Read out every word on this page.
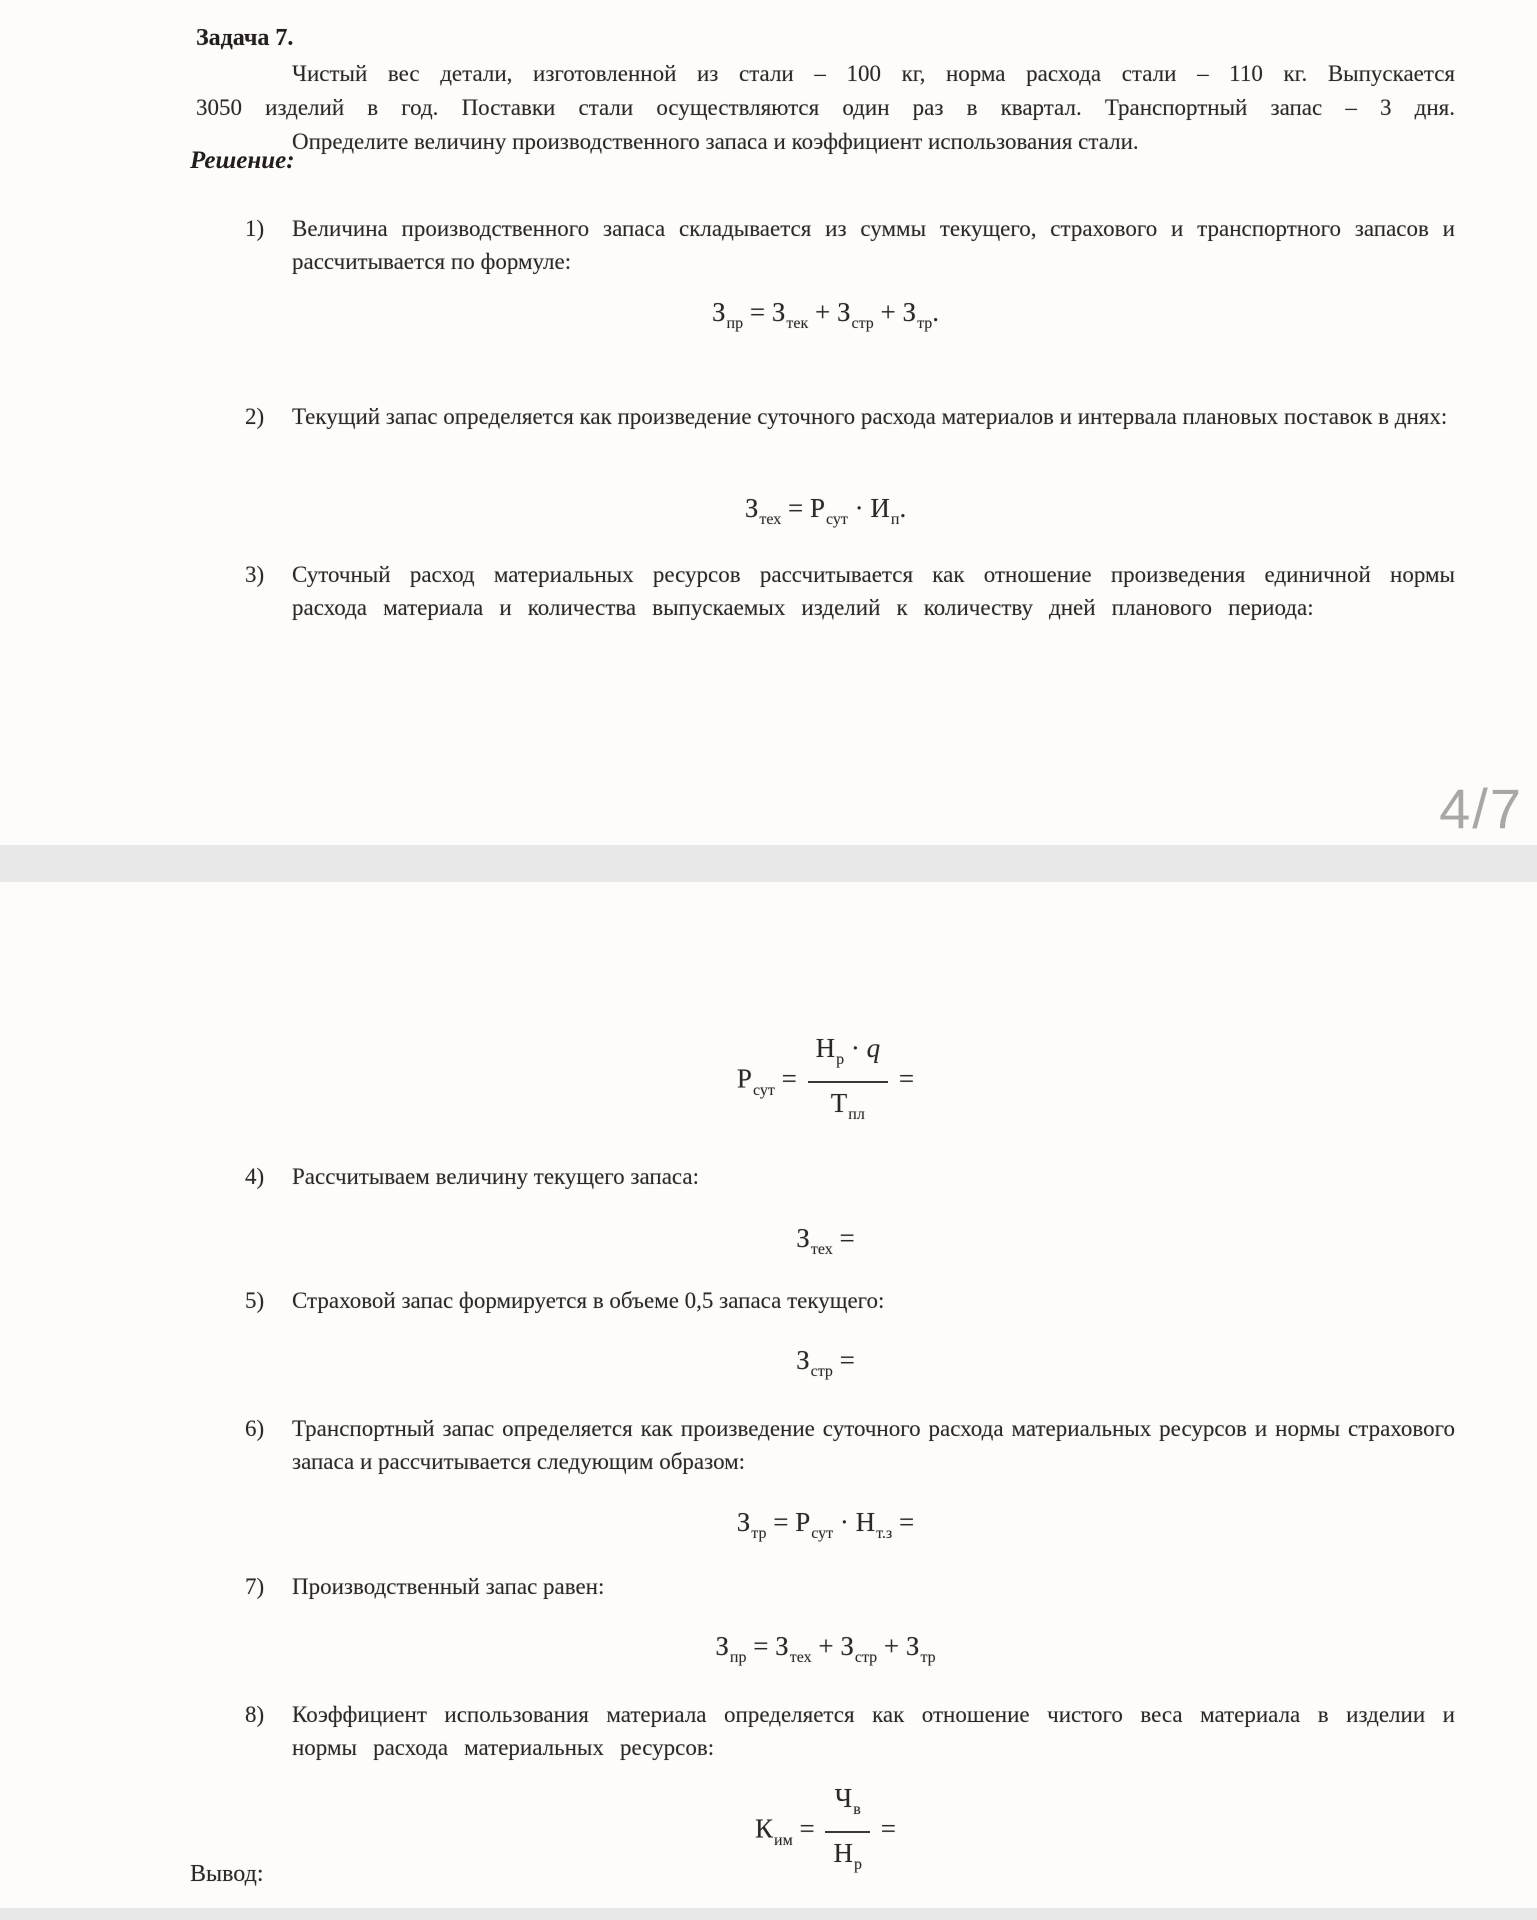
Задача 7.
Чистый вес детали, изготовленной из стали – 100 кг, норма расхода стали – 110 кг. Выпускается
3050 изделий в год. Поставки стали осуществляются один раз в квартал. Транспортный запас – 3 дня.
Определите величину производственного запаса и коэффициент использования стали.
Решение:
1)	Величина производственного запаса складывается из суммы текущего, страхового и транспортного запасов и рассчитывается по формуле:
$З_{пр} = З_{тек} + З_{стр} + З_{тр}$.
2)	Текущий запас определяется как произведение суточного расхода материалов и интервала плановых поставок в днях:
$З_{тех} = Р_{сут} \cdot И_п$.
3)	Суточный расход материальных ресурсов рассчитывается как отношение произведения единичной нормы расхода материала и количества выпускаемых изделий к количеству дней планового периода:
4/7
$Р_{сут} = \frac{Н_р \cdot q}{Т_{пл}}$ =
4)	Рассчитываем величину текущего запаса:
$З_{тех}$ =
5)	Страховой запас формируется в объеме 0,5 запаса текущего:
$З_{стр}$ =
6)	Транспортный запас определяется как произведение суточного расхода материальных ресурсов и нормы страхового запаса и рассчитывается следующим образом:
$З_{тр} = Р_{сут} \cdot Н_{т.з}$ =
7)	Производственный запас равен:
$З_{пр} = З_{тех} + З_{стр} + З_{тр}$
8)	Коэффициент использования материала определяется как отношение чистого веса материала в изделии и нормы расхода материальных ресурсов:
$К_{им} = \frac{Ч_в}{Н_р}$ =
Вывод:
